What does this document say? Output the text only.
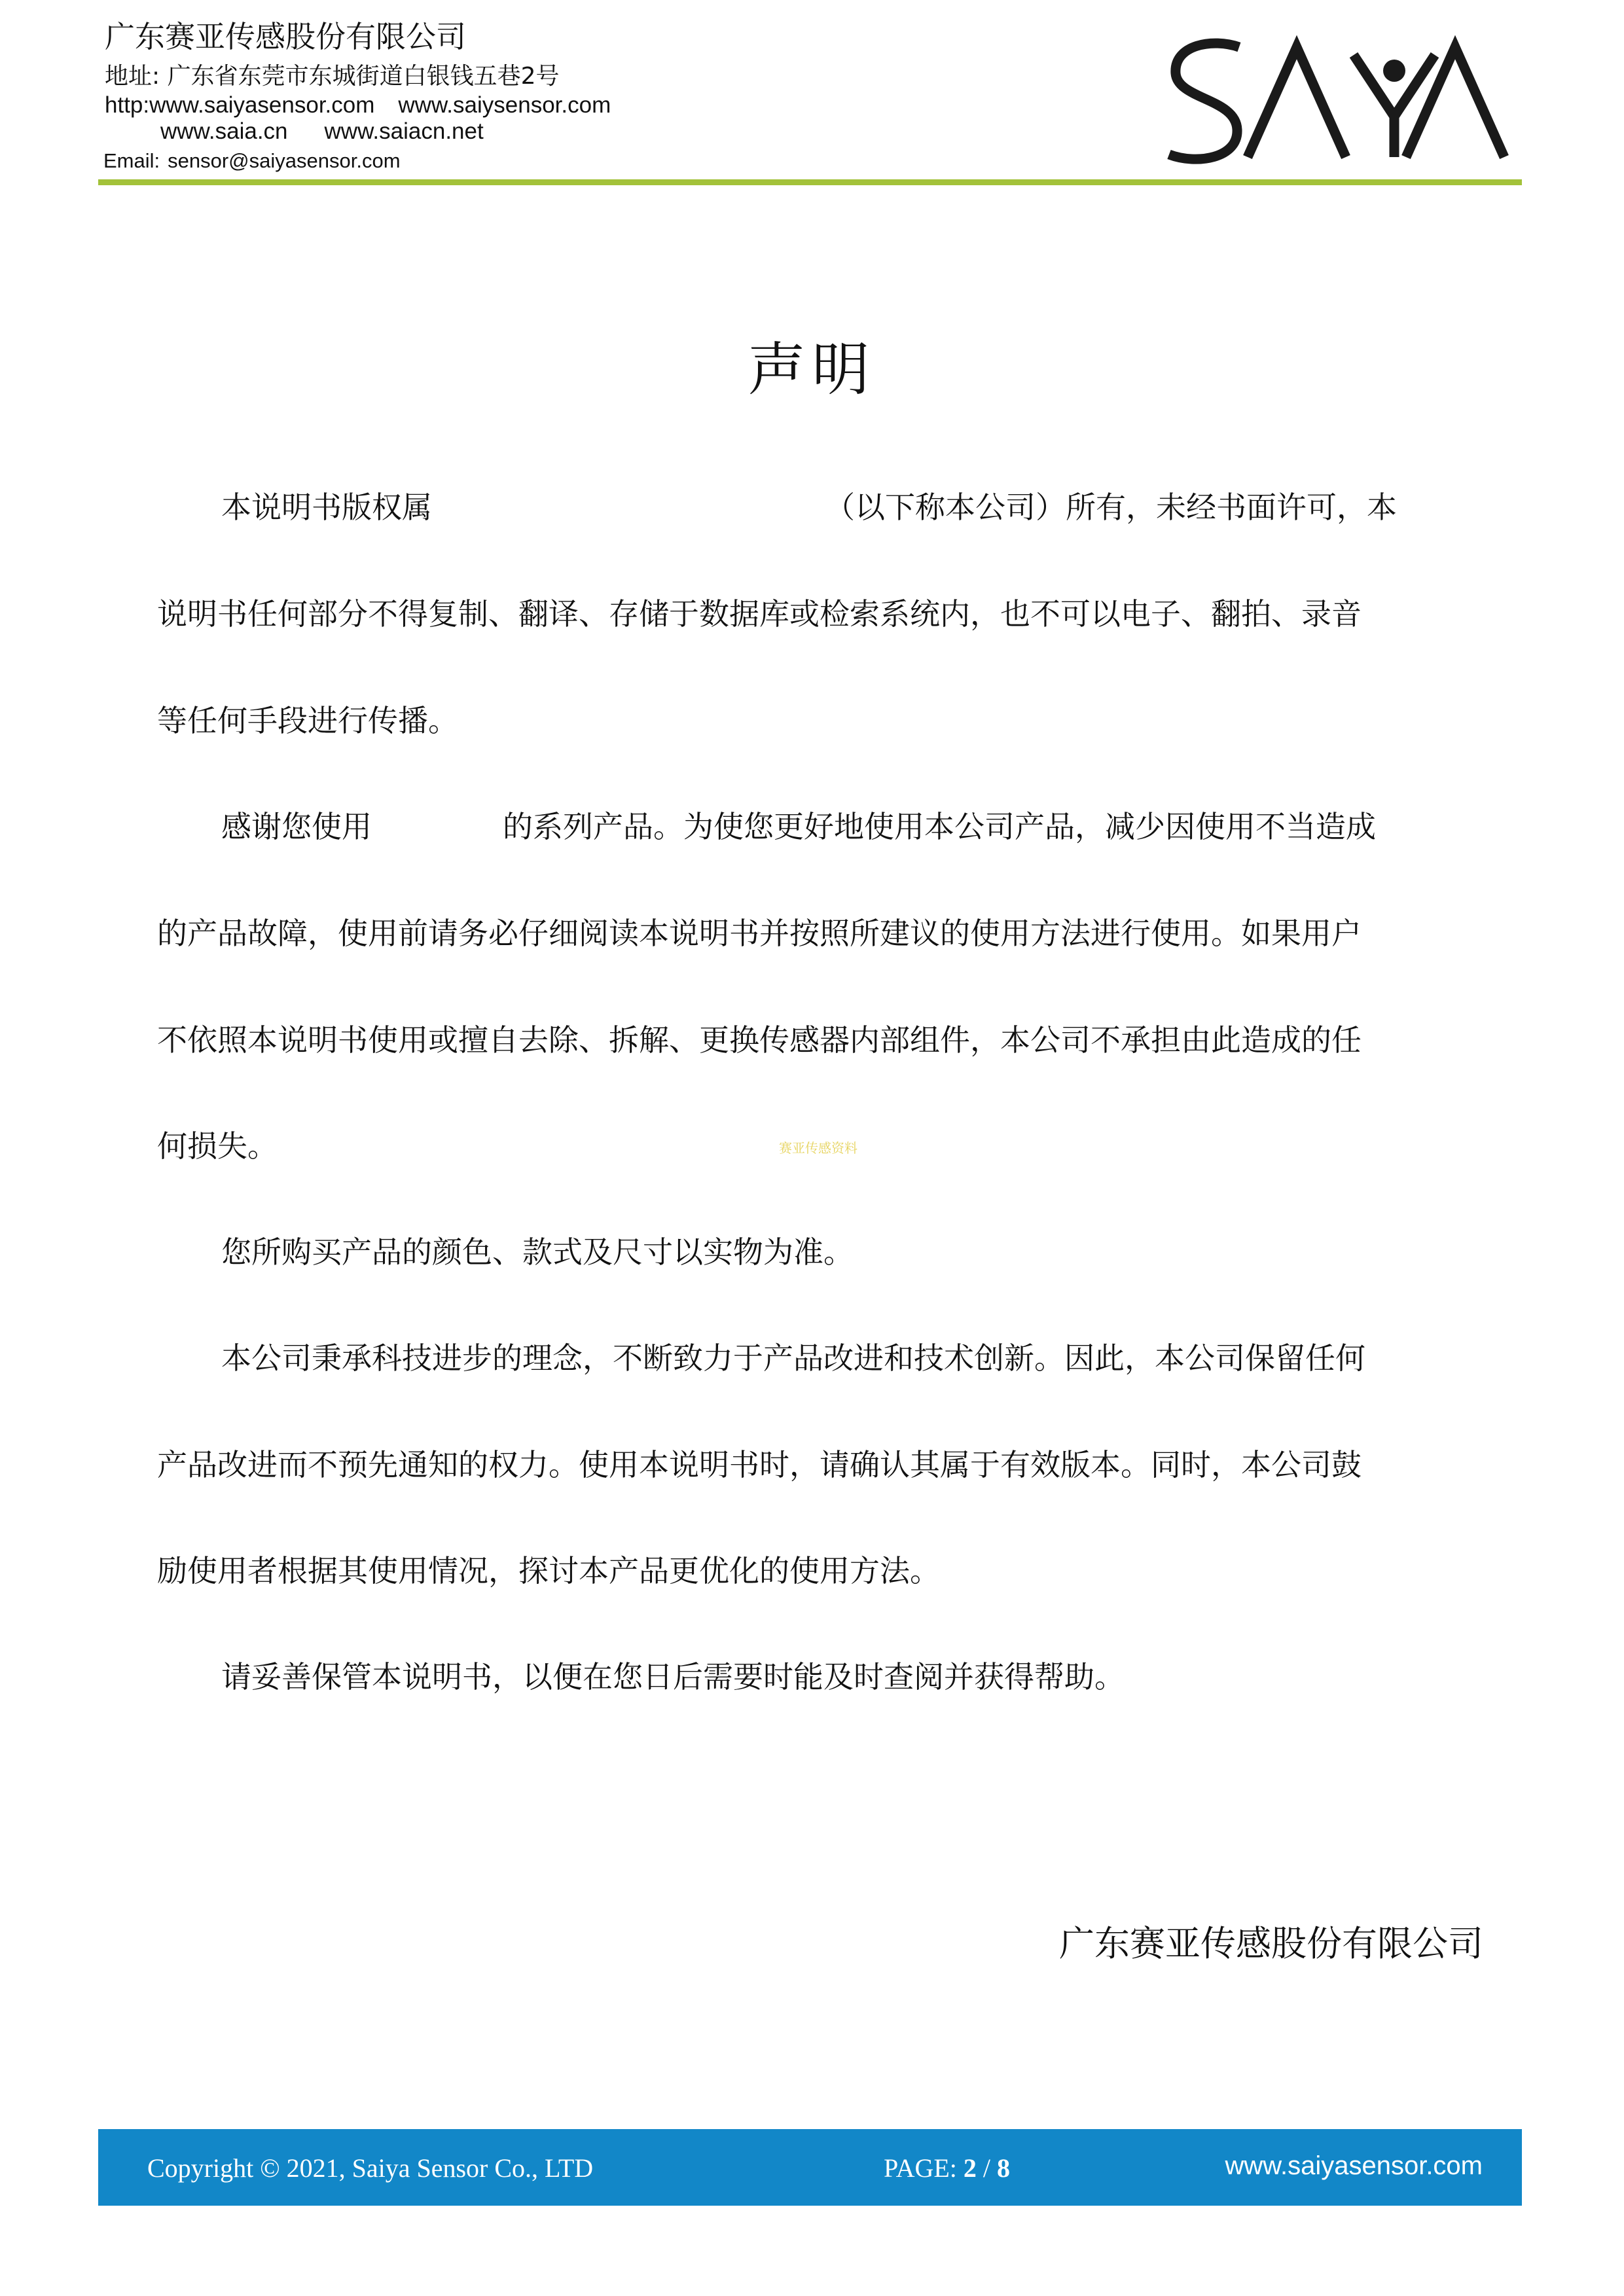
广东赛亚传感股份有限公司
地址: 广东省东莞市东城街道白银钱五巷2号
http:www.saiyasensor.com www.saiysensor.com
www.saia.cn www.saiacn.net
Email: sensor@saiyasensor.com
声明
本说明书版权属	（以下称本公司）所有，未经书面许可，本
说明书任何部分不得复制、翻译、存储于数据库或检索系统内，也不可以电子、翻拍、录音
等任何手段进行传播。
感谢您使用	的系列产品。为使您更好地使用本公司产品，减少因使用不当造成
的产品故障，使用前请务必仔细阅读本说明书并按照所建议的使用方法进行使用。如果用户
不依照本说明书使用或擅自去除、拆解、更换传感器内部组件，本公司不承担由此造成的任
何损失。	赛亚传感资料
您所购买产品的颜色、款式及尺寸以实物为准。
本公司秉承科技进步的理念，不断致力于产品改进和技术创新。因此，本公司保留任何
产品改进而不预先通知的权力。使用本说明书时，请确认其属于有效版本。同时，本公司鼓
励使用者根据其使用情况，探讨本产品更优化的使用方法。
请妥善保管本说明书，以便在您日后需要时能及时查阅并获得帮助。
广东赛亚传感股份有限公司
Copyright © 2021, Saiya Sensor Co., LTD	PAGE: 2 / 8	www.saiyasensor.com
